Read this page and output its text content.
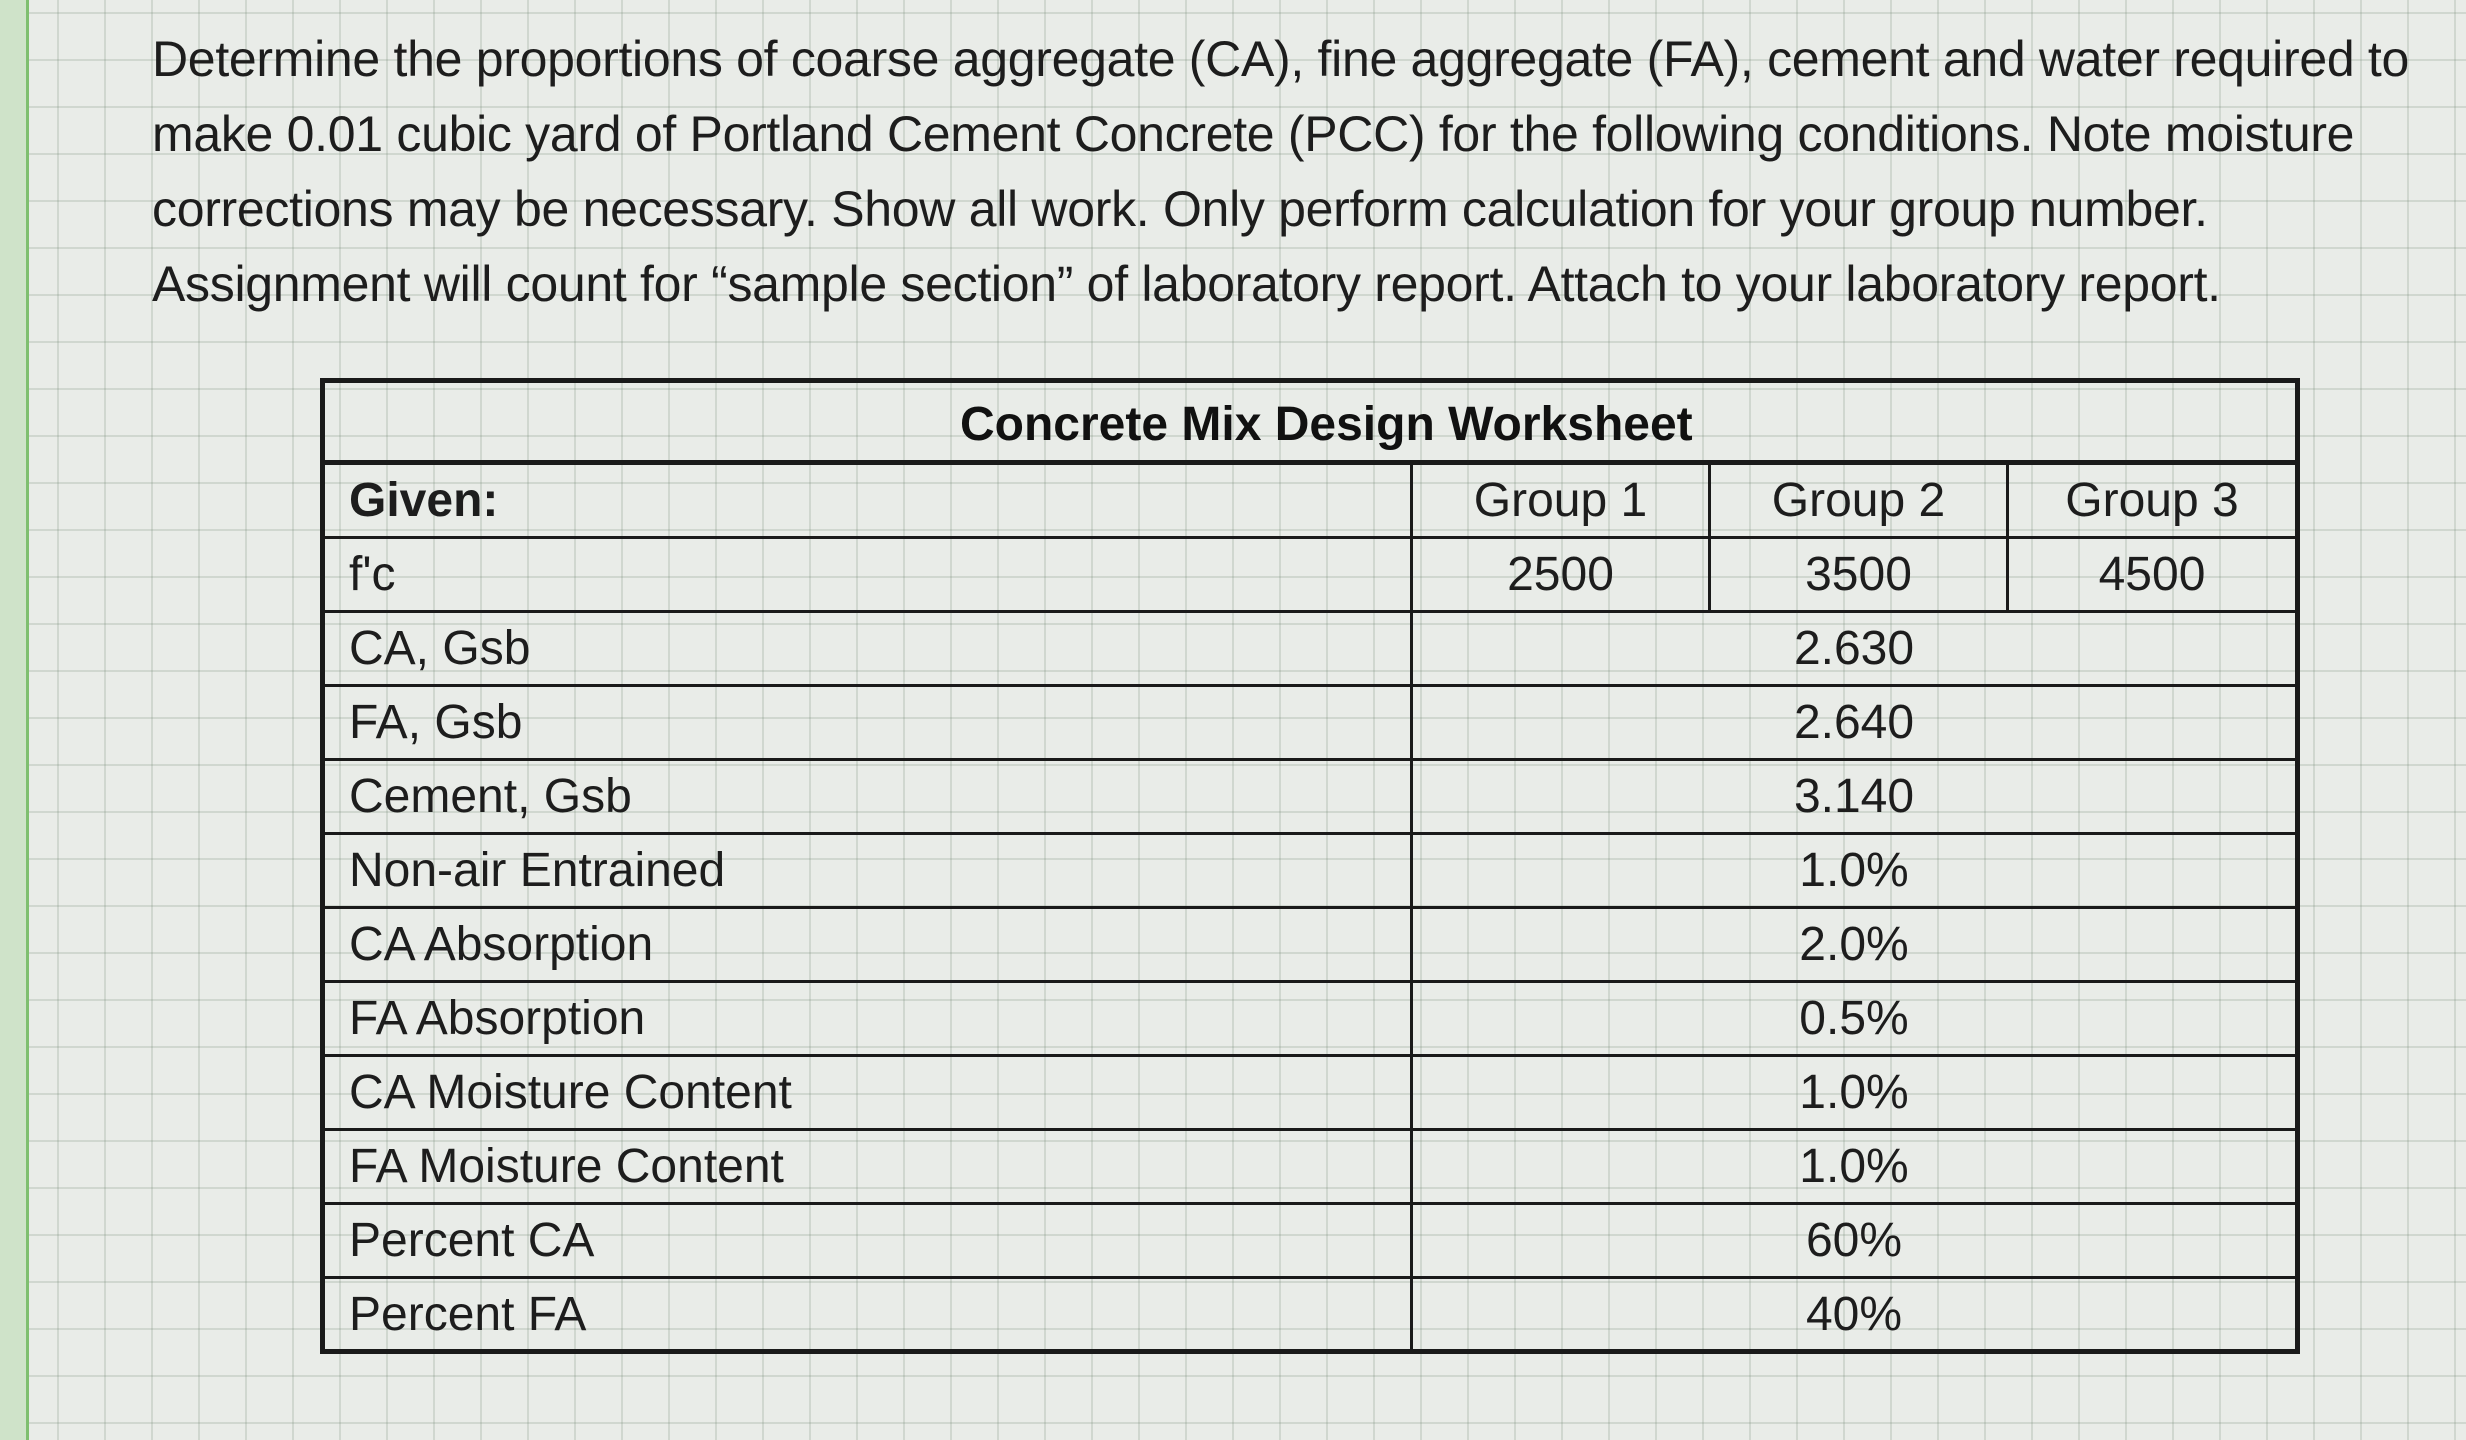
Determine the proportions of coarse aggregate (CA), fine aggregate (FA), cement and water required to make 0.01 cubic yard of Portland Cement Concrete (PCC) for the following conditions. Note moisture corrections may be necessary. Show all work. Only perform calculation for your group number. Assignment will count for “sample section” of laboratory report. Attach to your laboratory report.

Concrete Mix Design Worksheet
Given:	Group 1	Group 2	Group 3
f'c	2500	3500	4500
CA, Gsb	2.630
FA, Gsb	2.640
Cement, Gsb	3.140
Non-air Entrained	1.0%
CA Absorption	2.0%
FA Absorption	0.5%
CA Moisture Content	1.0%
FA Moisture Content	1.0%
Percent CA	60%
Percent FA	40%
